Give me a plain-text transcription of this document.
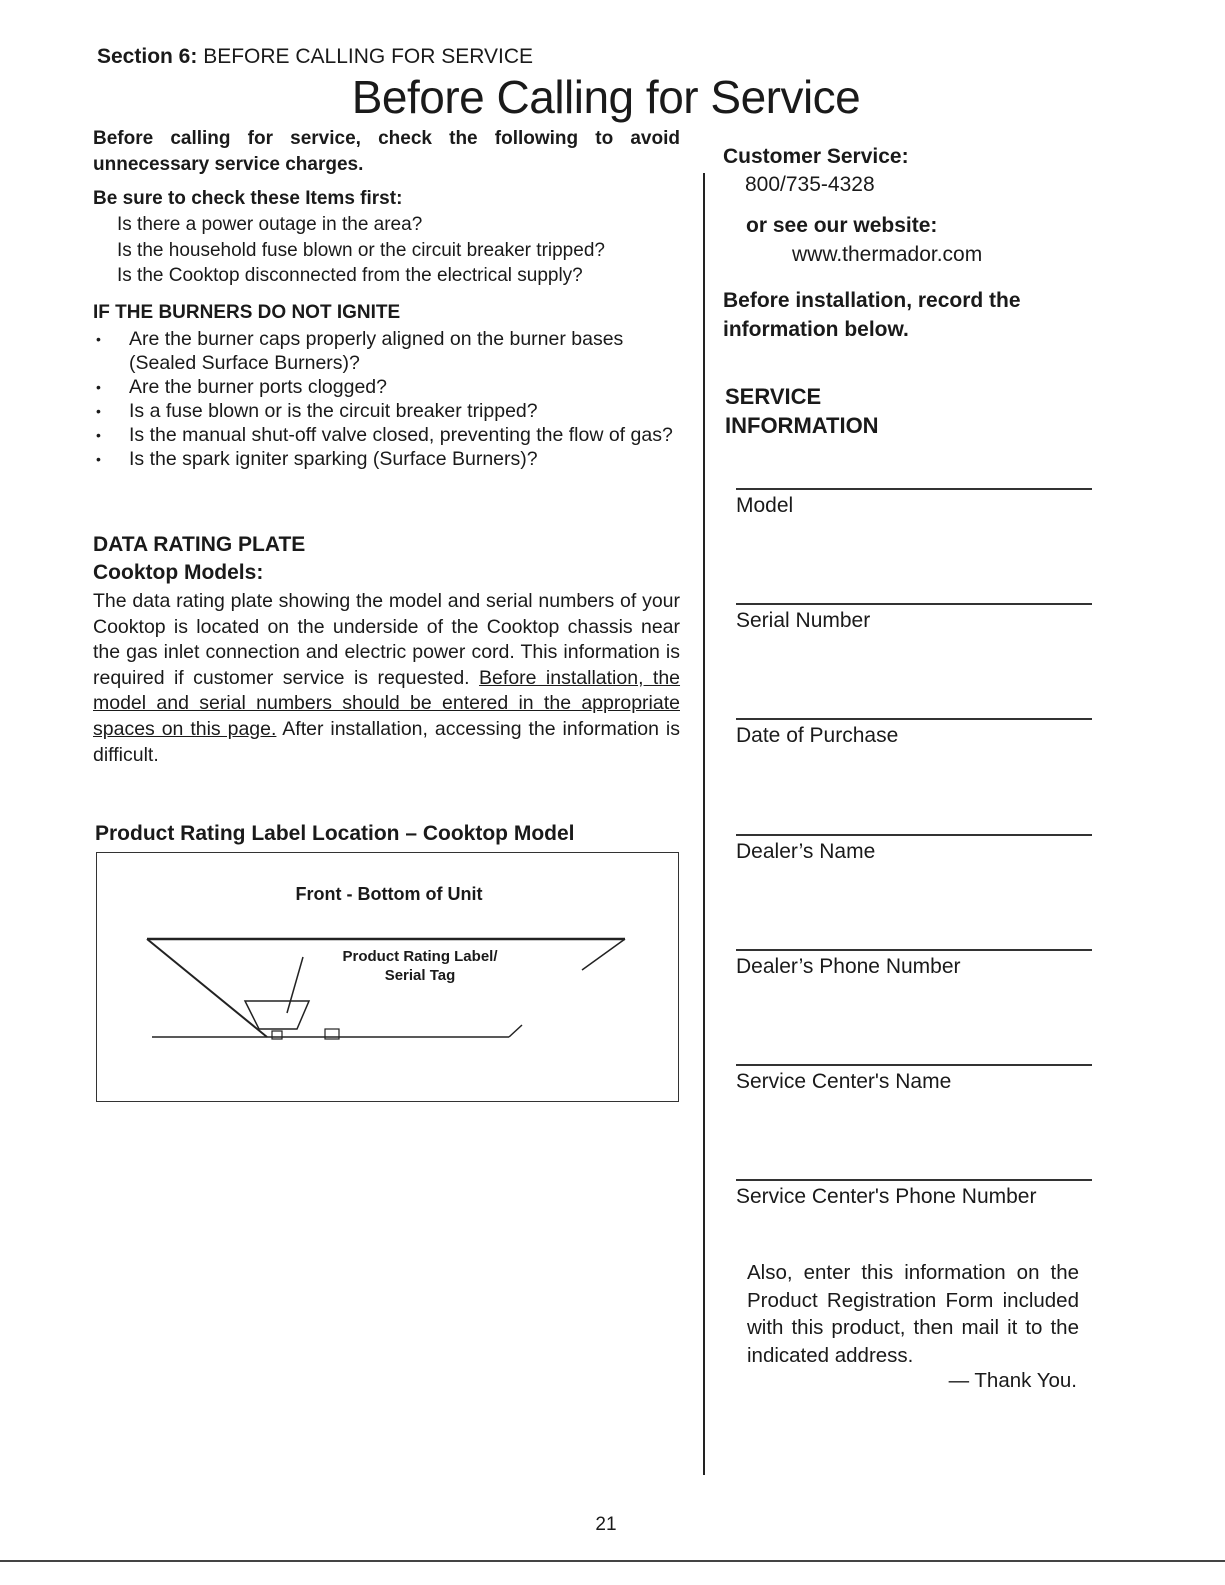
Section 6: BEFORE CALLING FOR SERVICE
Before Calling for Service
Before calling for service, check the following to avoid unnecessary service charges.
Be sure to check these Items first:
Is there a power outage in the area?
Is the household fuse blown or the circuit breaker tripped?
Is the Cooktop disconnected from the electrical supply?
IF THE BURNERS DO NOT IGNITE
• Are the burner caps properly aligned on the burner bases (Sealed Surface Burners)?
• Are the burner ports clogged?
• Is a fuse blown or is the circuit breaker tripped?
• Is the manual shut-off valve closed, preventing the flow of gas?
• Is the spark igniter sparking (Surface Burners)?
DATA RATING PLATE
Cooktop Models:
The data rating plate showing the model and serial numbers of your Cooktop is located on the underside of the Cooktop chassis near the gas inlet connection and electric power cord. This information is required if customer service is requested. Before installation, the model and serial numbers should be entered in the appropriate spaces on this page. After installation, accessing the information is difficult.
Product Rating Label Location – Cooktop Model
Front - Bottom of Unit
Product Rating Label/
Serial Tag
Customer Service:
800/735-4328
or see our website:
www.thermador.com
Before installation, record the information below.
SERVICE
INFORMATION
Model
Serial Number
Date of Purchase
Dealer’s Name
Dealer’s Phone Number
Service Center's Name
Service Center's Phone Number
Also, enter this information on the Product Registration Form included with this product, then mail it to the indicated address.
— Thank You.
21
